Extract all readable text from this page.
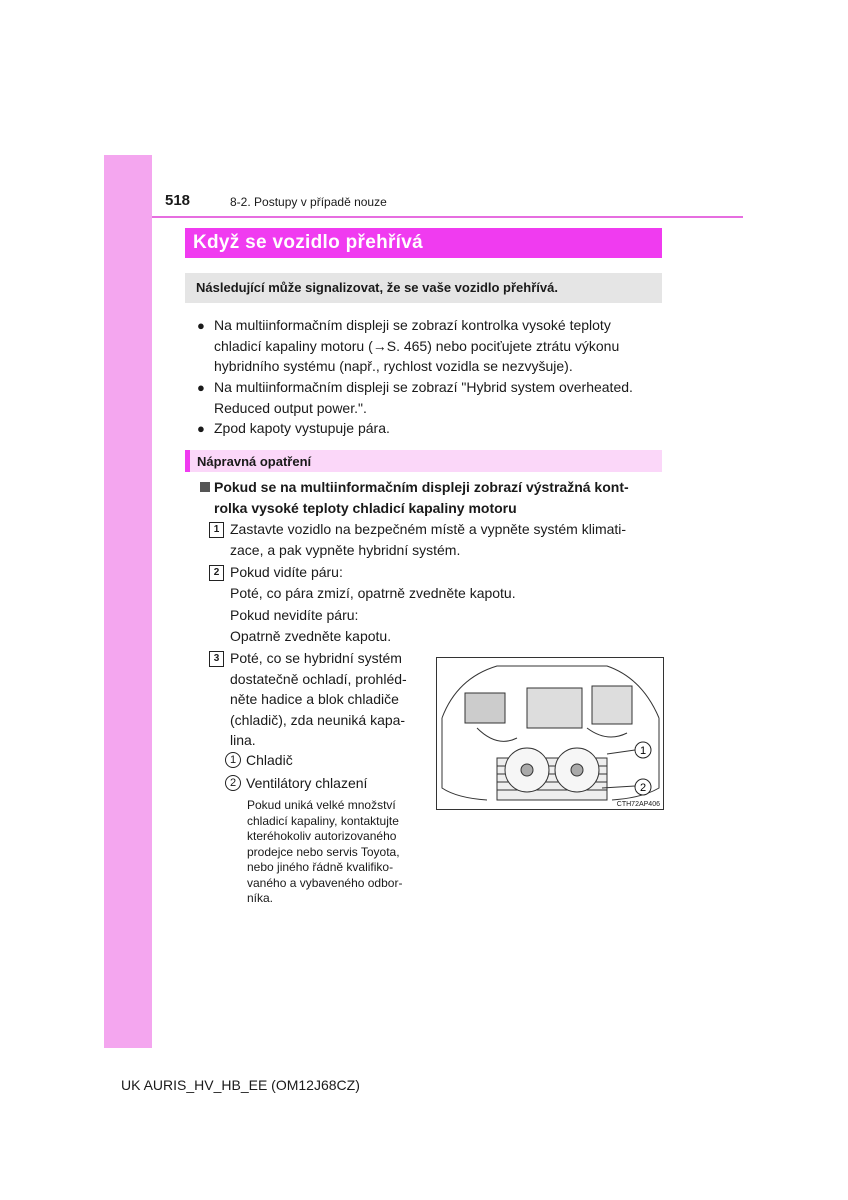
518	8-2. Postupy v případě nouze
Když se vozidlo přehřívá
Následující může signalizovat, že se vaše vozidlo přehřívá.
● Na multiinformačním displeji se zobrazí kontrolka vysoké teploty
chladicí kapaliny motoru (→S. 465) nebo pociťujete ztrátu výkonu
hybridního systému (např., rychlost vozidla se nezvyšuje).

● Na multiinformačním displeji se zobrazí "Hybrid system overheated.
Reduced output power.".

● Zpod kapoty vystupuje pára.

Nápravná opatření

Pokud se na multiinformačním displeji zobrazí výstražná kont-
rolka vysoké teploty chladicí kapaliny motoru

1 Zastavte vozidlo na bezpečném místě a vypněte systém klimati-
zace, a pak vypněte hybridní systém.

2 Pokud vidíte páru:
Poté, co pára zmizí, opatrně zvedněte kapotu.

Pokud nevidíte páru:
Opatrně zvedněte kapotu.

3 Poté, co se hybridní systém
dostatečně ochladí, prohléd-
něte hadice a blok chladiče
(chladič), zda neuniká kapa-
lina.

1 Chladič
2 Ventilátory chlazení

Pokud uniká velké množství
chladicí kapaliny, kontaktujte
kteréhokoliv autorizovaného
prodejce nebo servis Toyota,
nebo jiného řádně kvalifiko-
vaného a vybaveného odbor-
níka.

1
2
CTH72AP406
UK AURIS_HV_HB_EE (OM12J68CZ)
